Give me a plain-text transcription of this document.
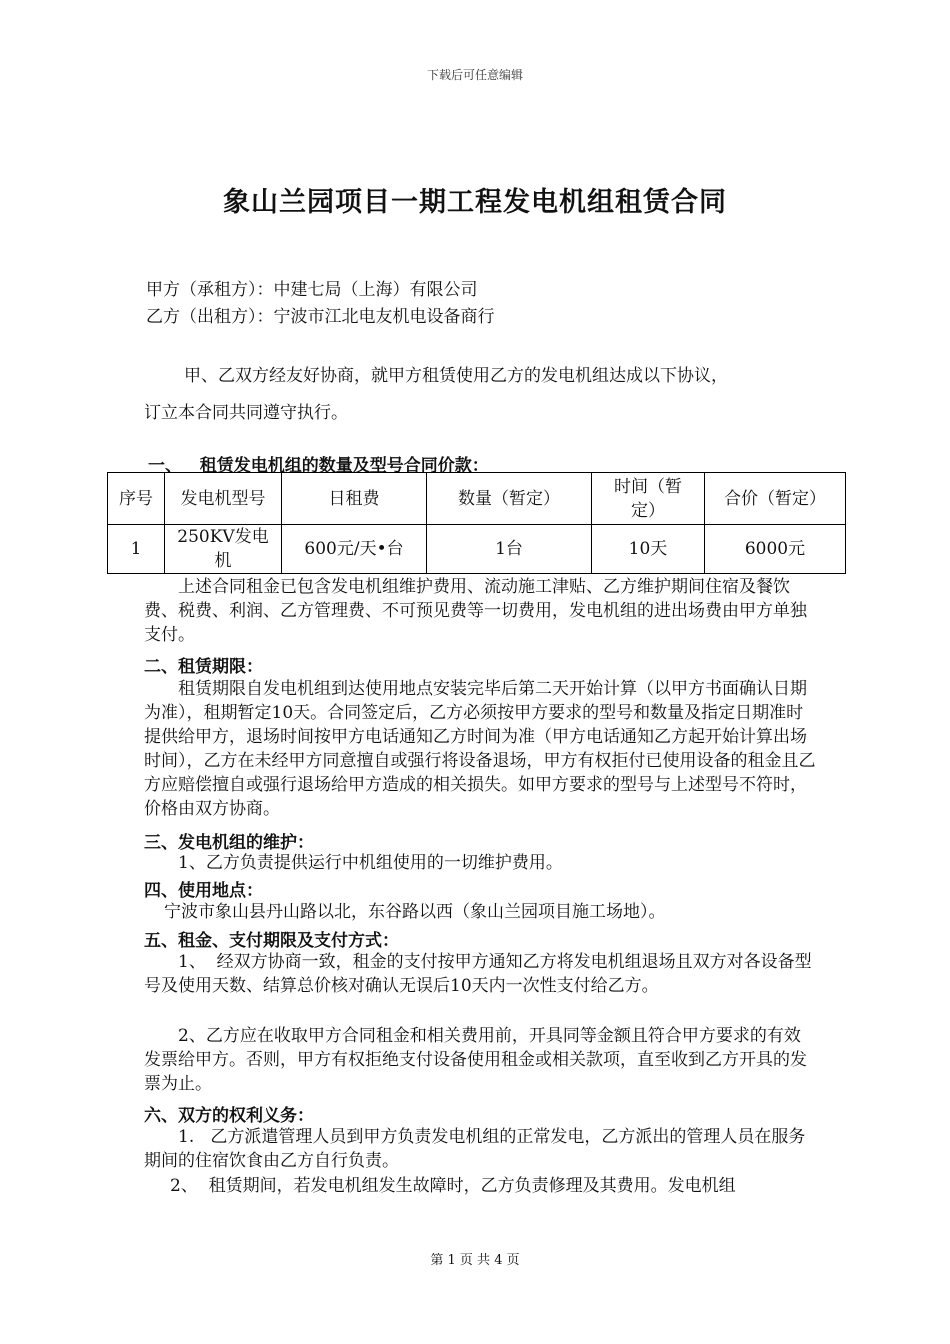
下载后可任意编辑
象山兰园项目一期工程发电机组租赁合同
甲方（承租方）：中建七局（上海）有限公司
乙方（出租方）：宁波市江北电友机电设备商行
甲、乙双方经友好协商，就甲方租赁使用乙方的发电机组达成以下协议，
订立本合同共同遵守执行。
一、   租赁发电机组的数量及型号合同价款：
序号	发电机型号	日租费	数量（暂定）	时间（暂定）	合价（暂定）
1	250KV发电机	600元/天•台	1台	10天	6000元
上述合同租金已包含发电机组维护费用、流动施工津贴、乙方维护期间住宿及餐饮费、税费、利润、乙方管理费、不可预见费等一切费用，发电机组的进出场费由甲方单独支付。
二、租赁期限：
租赁期限自发电机组到达使用地点安装完毕后第二天开始计算（以甲方书面确认日期为准），租期暂定10天。合同签定后，乙方必须按甲方要求的型号和数量及指定日期准时提供给甲方，退场时间按甲方电话通知乙方时间为准（甲方电话通知乙方起开始计算出场时间），乙方在未经甲方同意擅自或强行将设备退场，甲方有权拒付已使用设备的租金且乙方应赔偿擅自或强行退场给甲方造成的相关损失。如甲方要求的型号与上述型号不符时，价格由双方协商。
三、发电机组的维护：
1、乙方负责提供运行中机组使用的一切维护费用。
四、使用地点：
宁波市象山县丹山路以北，东谷路以西（象山兰园项目施工场地）。
五、租金、支付期限及支付方式：
1、  经双方协商一致，租金的支付按甲方通知乙方将发电机组退场且双方对各设备型号及使用天数、结算总价核对确认无误后10天内一次性支付给乙方。
2、乙方应在收取甲方合同租金和相关费用前，开具同等金额且符合甲方要求的有效发票给甲方。否则，甲方有权拒绝支付设备使用租金或相关款项，直至收到乙方开具的发票为止。
六、双方的权利义务：
1.   乙方派遣管理人员到甲方负责发电机组的正常发电，乙方派出的管理人员在服务期间的住宿饮食由乙方自行负责。
2、  租赁期间，若发电机组发生故障时，乙方负责修理及其费用。发电机组
第 1 页 共 4 页
